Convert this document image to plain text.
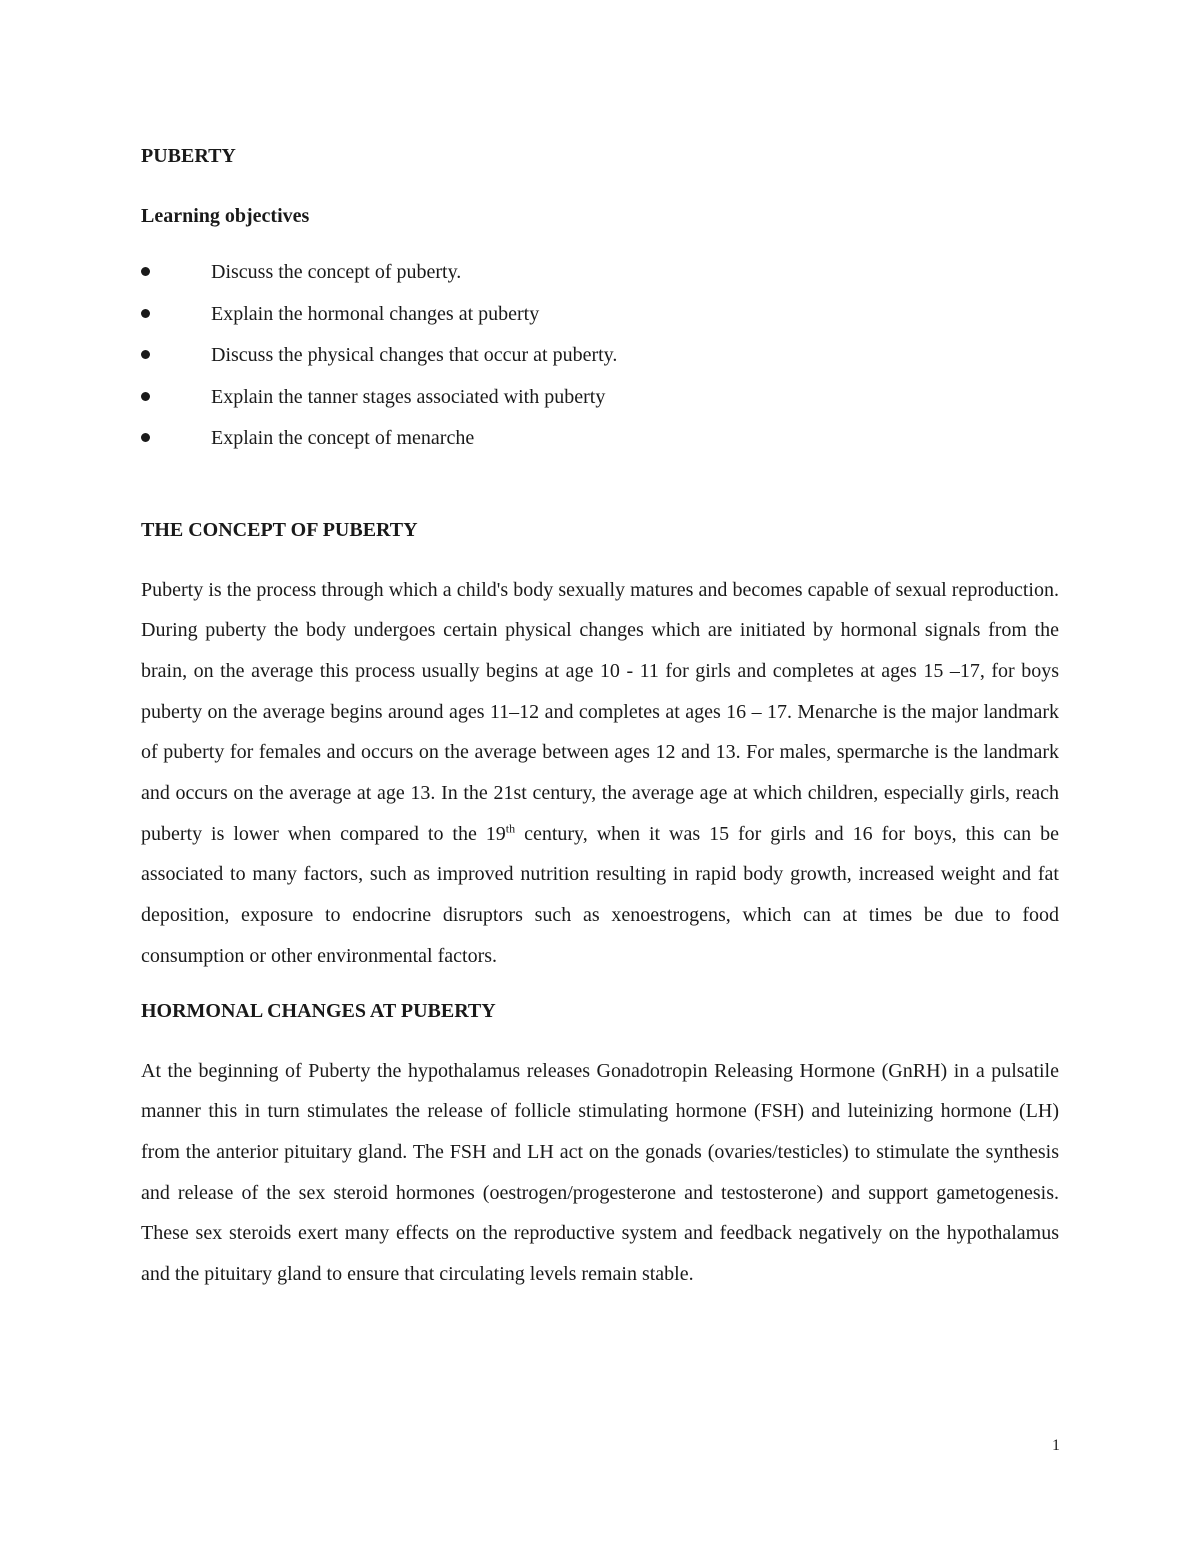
PUBERTY
Learning objectives
Discuss the concept of puberty.
Explain the hormonal changes at puberty
Discuss the physical changes that occur at puberty.
Explain the tanner stages associated with puberty
Explain the concept of menarche
THE CONCEPT OF PUBERTY

Puberty is the process through which a child's body sexually matures and becomes capable of sexual reproduction. During puberty the body undergoes certain physical changes which are initiated by hormonal signals from the brain, on the average this process usually begins at age 10 - 11 for girls and completes at ages 15 –17, for boys puberty on the average begins around ages 11–12 and completes at ages 16 – 17. Menarche is the major landmark of puberty for females and occurs on the average between ages 12 and 13. For males, spermarche is the landmark and occurs on the average at age 13. In the 21st century, the average age at which children, especially girls, reach puberty is lower when compared to the 19th century, when it was 15 for girls and 16 for boys, this can be associated to many factors, such as improved nutrition resulting in rapid body growth, increased weight and fat deposition, exposure to endocrine disruptors such as xenoestrogens, which can at times be due to food consumption or other environmental factors.

HORMONAL CHANGES AT PUBERTY

At the beginning of Puberty the hypothalamus releases Gonadotropin Releasing Hormone (GnRH) in a pulsatile manner this in turn stimulates the release of follicle stimulating hormone (FSH) and luteinizing hormone (LH) from the anterior pituitary gland. The FSH and LH act on the gonads (ovaries/testicles) to stimulate the synthesis and release of the sex steroid hormones (oestrogen/progesterone and testosterone) and support gametogenesis. These sex steroids exert many effects on the reproductive system and feedback negatively on the hypothalamus and the pituitary gland to ensure that circulating levels remain stable.

1
